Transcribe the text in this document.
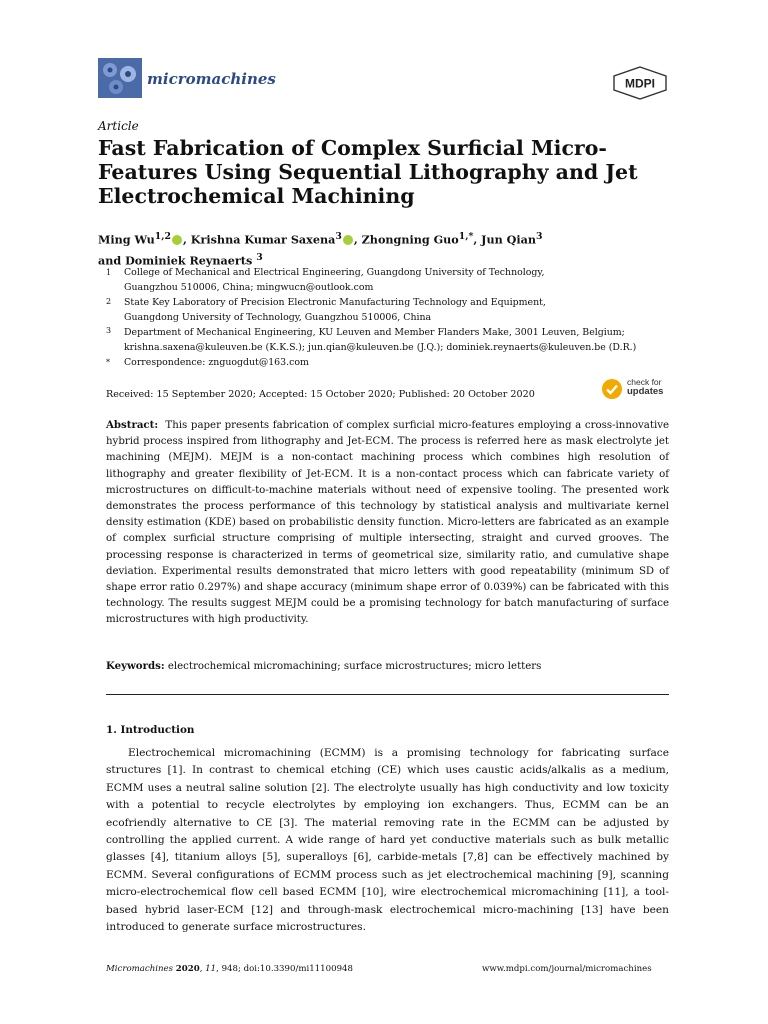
micromachines	MDPI
Article
Fast Fabrication of Complex Surficial Micro-Features Using Sequential Lithography and Jet Electrochemical Machining
Ming Wu$^{1,2}$ , Krishna Kumar Saxena$^3$ , Zhongning Guo$^{1,*}$, Jun Qian$^3$
and Dominiek Reynaerts $^3$
1 College of Mechanical and Electrical Engineering, Guangdong University of Technology,
Guangzhou 510006, China; mingwucn@outlook.com
2 State Key Laboratory of Precision Electronic Manufacturing Technology and Equipment,
Guangdong University of Technology, Guangzhou 510006, China
3 Department of Mechanical Engineering, KU Leuven and Member Flanders Make, 3001 Leuven, Belgium;
krishna.saxena@kuleuven.be (K.K.S.); jun.qian@kuleuven.be (J.Q.); dominiek.reynaerts@kuleuven.be (D.R.)
* Correspondence: znguogdut@163.com
Received: 15 September 2020; Accepted: 15 October 2020; Published: 20 October 2020
check for
updates
Abstract: This paper presents fabrication of complex surficial micro-features employing a cross-innovative hybrid process inspired from lithography and Jet-ECM. The process is referred here as mask electrolyte jet machining (MEJM). MEJM is a non-contact machining process which combines high resolution of lithography and greater flexibility of Jet-ECM. It is a non-contact process which can fabricate variety of microstructures on difficult-to-machine materials without need of expensive tooling. The presented work demonstrates the process performance of this technology by statistical analysis and multivariate kernel density estimation (KDE) based on probabilistic density function. Micro-letters are fabricated as an example of complex surficial structure comprising of multiple intersecting, straight and curved grooves. The processing response is characterized in terms of geometrical size, similarity ratio, and cumulative shape deviation. Experimental results demonstrated that micro letters with good repeatability (minimum SD of shape error ratio 0.297%) and shape accuracy (minimum shape error of 0.039%) can be fabricated with this technology. The results suggest MEJM could be a promising technology for batch manufacturing of surface microstructures with high productivity.
Keywords: electrochemical micromachining; surface microstructures; micro letters
1. Introduction
Electrochemical micromachining (ECMM) is a promising technology for fabricating surface structures [1]. In contrast to chemical etching (CE) which uses caustic acids/alkalis as a medium, ECMM uses a neutral saline solution [2]. The electrolyte usually has high conductivity and low toxicity with a potential to recycle electrolytes by employing ion exchangers. Thus, ECMM can be an ecofriendly alternative to CE [3]. The material removing rate in the ECMM can be adjusted by controlling the applied current. A wide range of hard yet conductive materials such as bulk metallic glasses [4], titanium alloys [5], superalloys [6], carbide-metals [7,8] can be effectively machined by ECMM. Several configurations of ECMM process such as jet electrochemical machining [9], scanning micro-electrochemical flow cell based ECMM [10], wire electrochemical micromachining [11], a tool-based hybrid laser-ECM [12] and through-mask electrochemical micro-machining [13] have been introduced to generate surface microstructures.
Micromachines 2020, 11, 948; doi:10.3390/mi11100948	www.mdpi.com/journal/micromachines
